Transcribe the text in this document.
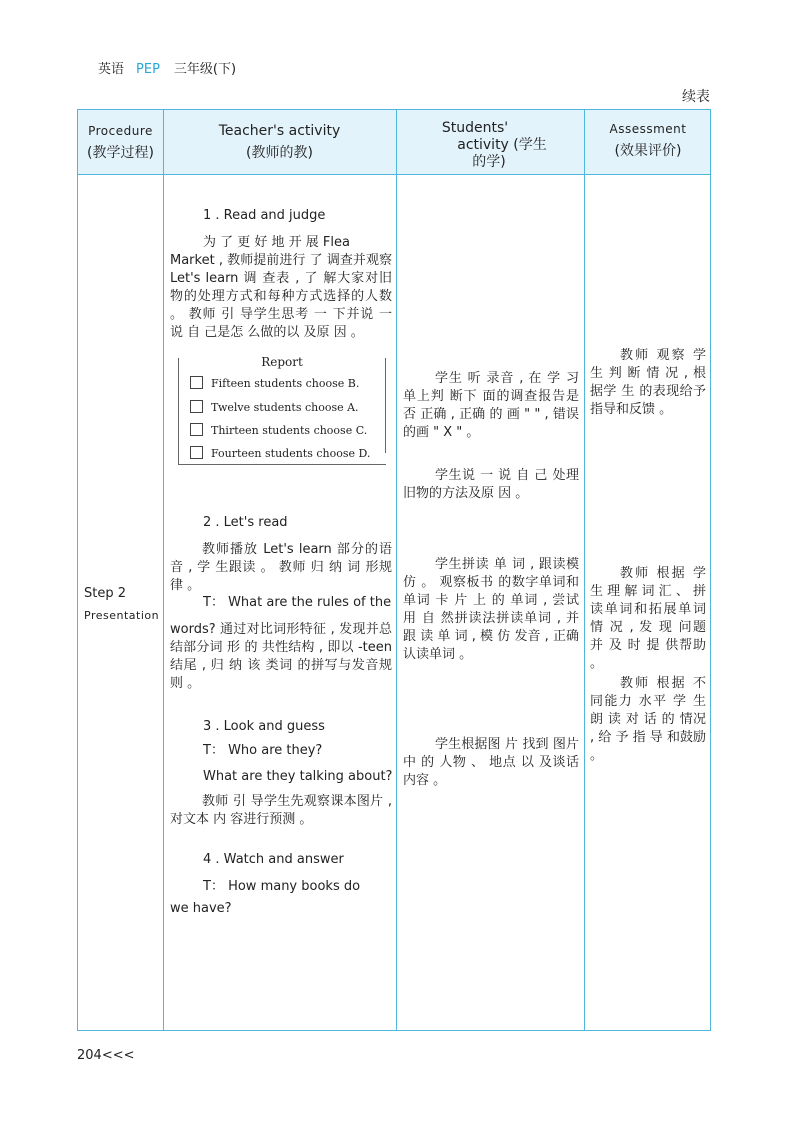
英语 PEP 三年级(下)
续表
Procedure
(教学过程)
Teacher's activity
(教师的教)
Students'
activity (学生
的学)
Assessment
(效果评价)
Step 2
Presentation
1 . Read and judge
为 了 更 好 地 开 展 Flea
Market , 教师提前进行 了 调查并观察 Let's learn 调 查表 , 了 解大家对旧物的处理方式和每种方式选择的人数 。 教师 引 导学生思考 一 下并说 一 说 自 己是怎 么做的以 及原 因 。
Report
Fifteen students choose B.
Twelve students choose A.
Thirteen students choose C.
Fourteen students choose D.
2 . Let's read
教师播放 Let's learn 部分的语音 , 学 生跟读 。 教师 归 纳 词 形规律 。
T： What are the rules of the
words? 通过对比词形特征 , 发现并总结部分词 形 的 共性结构 , 即以 -teen 结尾 , 归 纳 该 类词 的拼写与发音规则 。
3 . Look and guess
T： Who are they?
What are they talking about?
教师 引 导学生先观察课本图片 , 对文本 内 容进行预测 。
4 . Watch and answer
T： How many books do
we have?
学生 听 录音 , 在 学 习单上判 断下 面的调查报告是否 正确 , 正确 的 画 " " , 错误的画 " X " 。
学生说 一 说 自 己 处理 旧物的方法及原 因 。
学生拼读 单 词 , 跟读模仿 。 观察板书 的数字单词和单词 卡 片 上 的 单词 , 尝试用 自 然拼读法拼读单词 , 并 跟 读 单 词 , 模 仿 发音 , 正确认读单词 。
学生根据图 片 找到 图片 中 的 人物 、 地点 以 及谈话 内容 。
教师 观察 学生 判 断 情 况 , 根据学 生 的表现给予指导和反馈 。
教师 根据 学生 理 解 词 汇 、 拼读单词和拓展单词 情 况 , 发 现 问题 并 及 时 提 供帮助 。
教师 根据 不同能力 水平 学 生朗 读 对 话 的 情况 , 给 予 指 导 和鼓励 。
204<<<
